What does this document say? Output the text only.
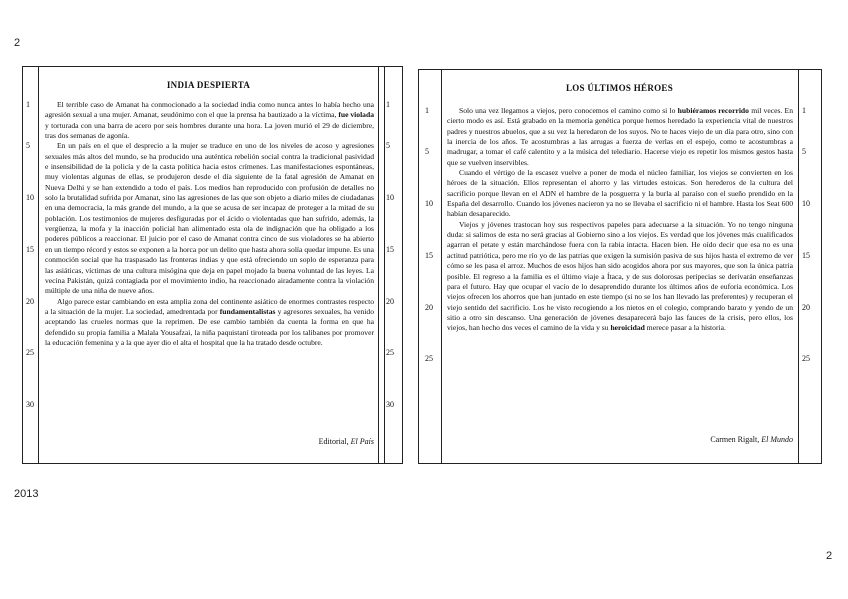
2
2013
2
INDIA DESPIERTA
1
5
10
15
20
25
30
1
5
10
15
20
25
30

El terrible caso de Amanat ha conmocionado a la sociedad india como nunca antes lo había hecho una agresión sexual a una mujer. Amanat, seudónimo con el que la prensa ha bautizado a la víctima, fue violada y torturada con una barra de acero por seis hombres durante una hora. La joven murió el 29 de diciembre, tras dos semanas de agonía.

En un país en el que el desprecio a la mujer se traduce en uno de los niveles de acoso y agresiones sexuales más altos del mundo, se ha producido una auténtica rebelión social contra la tradicional pasividad e insensibilidad de la policía y de la casta política hacia estos crímenes. Las manifestaciones espontáneas, muy violentas algunas de ellas, se produjeron desde el día siguiente de la fatal agresión de Amanat en Nueva Delhi y se han extendido a todo el país. Los medios han reproducido con profusión de detalles no solo la brutalidad sufrida por Amanat, sino las agresiones de las que son objeto a diario miles de ciudadanas en una democracia, la más grande del mundo, a la que se acusa de ser incapaz de proteger a la mitad de su población. Los testimonios de mujeres desfiguradas por el ácido o violentadas que han sufrido, además, la vergüenza, la mofa y la inacción policial han alimentado esta ola de indignación que ha obligado a los poderes públicos a reaccionar. El juicio por el caso de Amanat contra cinco de sus violadores se ha abierto en un tiempo récord y estos se exponen a la horca por un delito que hasta ahora solía quedar impune. Es una conmoción social que ha traspasado las fronteras indias y que está ofreciendo un soplo de esperanza para las asiáticas, víctimas de una cultura misógina que deja en papel mojado la buena voluntad de las leyes. La vecina Pakistán, quizá contagiada por el movimiento indio, ha reaccionado airadamente contra la violación múltiple de una niña de nueve años.

Algo parece estar cambiando en esta amplia zona del continente asiático de enormes contrastes respecto a la situación de la mujer. La sociedad, amedrentada por fundamentalistas y agresores sexuales, ha venido aceptando las crueles normas que la reprimen. De ese cambio también da cuenta la forma en que ha defendido su propia familia a Malala Yousafzai, la niña paquistaní tiroteada por los talibanes por promover la educación femenina y a la que ayer dio el alta el hospital que la ha tratado desde octubre.

Editorial, El País
LOS ÚLTIMOS HÉROES
1
5
10
15
20
25
1
5
10
15
20
25

Solo una vez llegamos a viejos, pero conocemos el camino como si lo hubiéramos recorrido mil veces. En cierto modo es así. Está grabado en la memoria genética porque hemos heredado la experiencia vital de nuestros padres y nuestros abuelos, que a su vez la heredaron de los suyos. No te haces viejo de un día para otro, sino con la inercia de los años. Te acostumbras a las arrugas a fuerza de verlas en el espejo, como te acostumbras a madrugar, a tomar el café calentito y a la música del telediario. Hacerse viejo es repetir los mismos gestos hasta que se vuelven inservibles.

Cuando el vértigo de la escasez vuelve a poner de moda el núcleo familiar, los viejos se convierten en los héroes de la situación. Ellos representan el ahorro y las virtudes estoicas. Son herederos de la cultura del sacrificio porque llevan en el ADN el hambre de la posguerra y la burla al paraíso con el sueño prendido en la España del desarrollo. Cuando los jóvenes nacieron ya no se llevaba el sacrificio ni el hambre. Hasta los Seat 600 habían desaparecido.

Viejos y jóvenes trastocan hoy sus respectivos papeles para adecuarse a la situación. Yo no tengo ninguna duda: si salimos de esta no será gracias al Gobierno sino a los viejos. Es verdad que los jóvenes más cualificados agarran el petate y están marchándose fuera con la rabia intacta. Hacen bien. He oído decir que esa no es una actitud patriótica, pero me río yo de las patrias que exigen la sumisión pasiva de sus hijos hasta el extremo de ver cómo se les pasa el arroz. Muchos de esos hijos han sido acogidos ahora por sus mayores, que son la única patria posible. El regreso a la familia es el último viaje a Ítaca, y de sus dolorosas peripecias se derivarán enseñanzas para el futuro. Hay que ocupar el vacío de lo desaprendido durante los últimos años de euforia económica. Los viejos ofrecen los ahorros que han juntado en este tiempo (si no se los han llevado las preferentes) y recuperan el viejo sentido del sacrificio. Los he visto recogiendo a los nietos en el colegio, comprando barato y yendo de un sitio a otro sin descanso. Una generación de jóvenes desaparecerá bajo las fauces de la crisis, pero ellos, los viejos, han hecho dos veces el camino de la vida y su heroicidad merece pasar a la historia.

Carmen Rigalt, El Mundo
